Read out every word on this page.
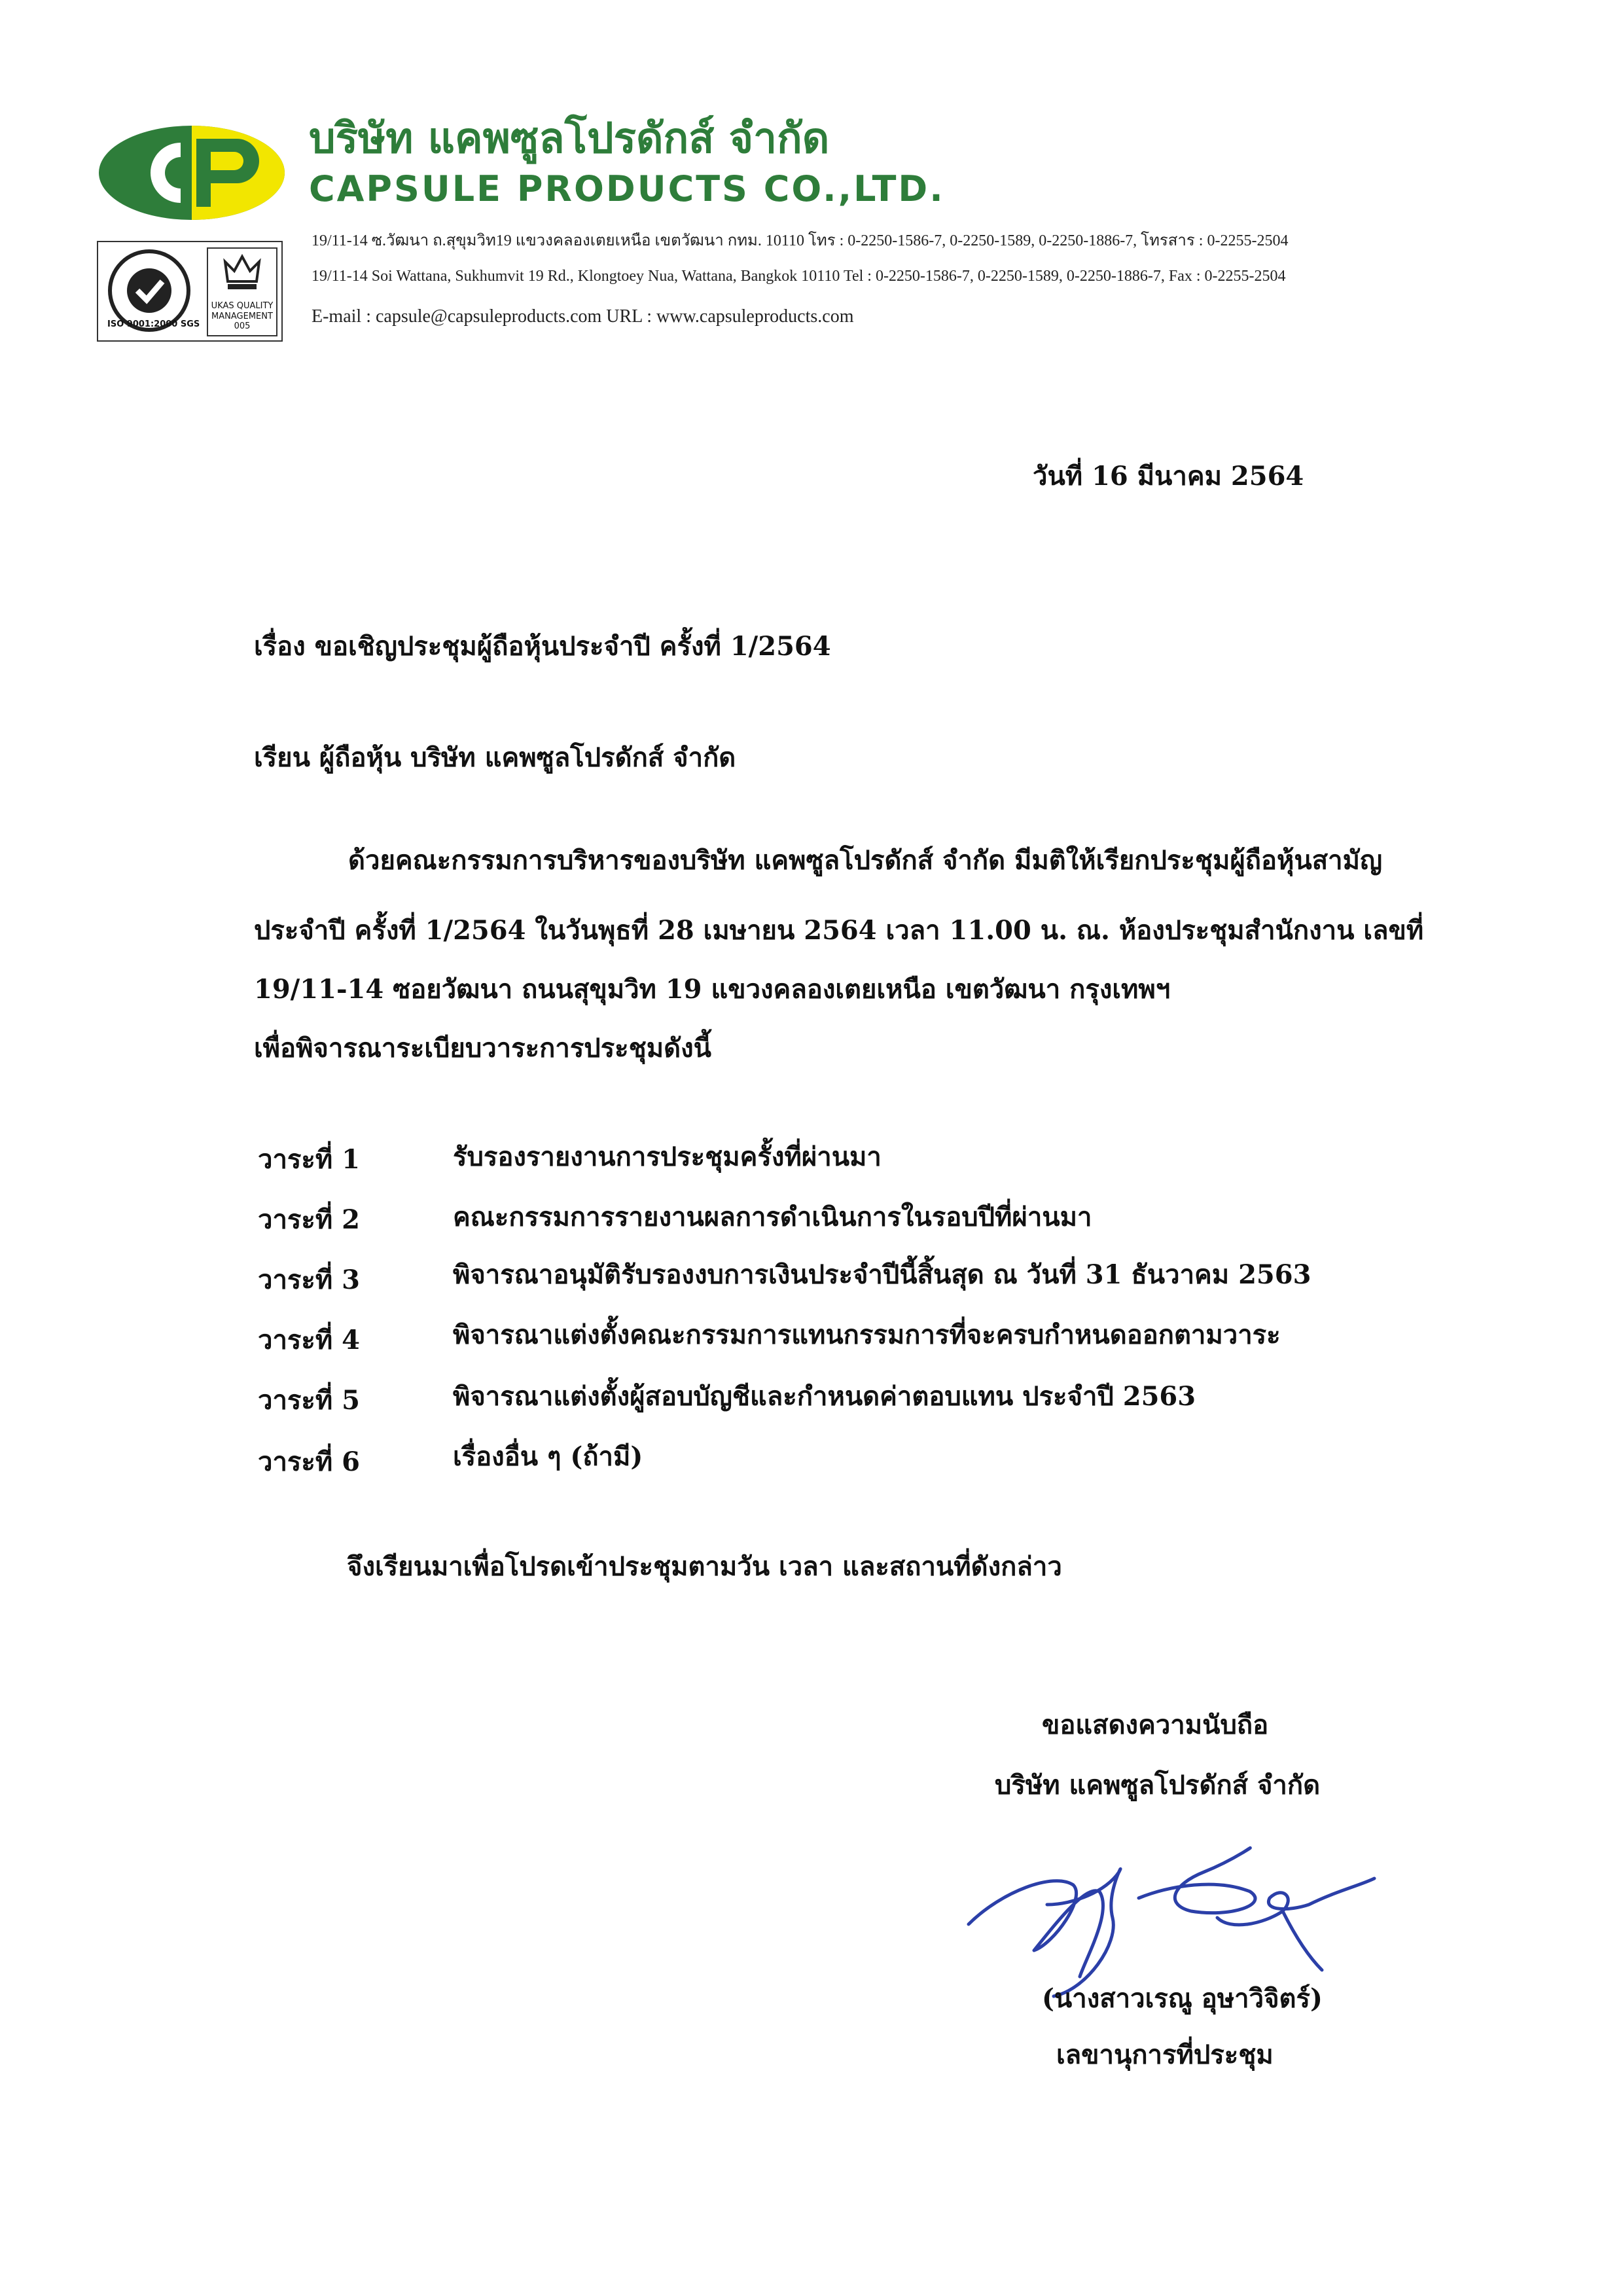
บริษัท แคพซูลโปรดักส์ จำกัด
CAPSULE PRODUCTS CO.,LTD.
19/11-14 ซ.วัฒนา ถ.สุขุมวิท19 แขวงคลองเตยเหนือ เขตวัฒนา กทม. 10110 โทร : 0-2250-1586-7, 0-2250-1589, 0-2250-1886-7, โทรสาร : 0-2255-2504
19/11-14 Soi Wattana, Sukhumvit 19 Rd., Klongtoey Nua, Wattana, Bangkok 10110 Tel : 0-2250-1586-7, 0-2250-1589, 0-2250-1886-7, Fax : 0-2255-2504
E-mail : capsule@capsuleproducts.com URL : www.capsuleproducts.com
ISO 9001:2000 SGS
UKAS QUALITY MANAGEMENT 005
วันที่ 16 มีนาคม 2564
เรื่อง ขอเชิญประชุมผู้ถือหุ้นประจำปี ครั้งที่ 1/2564
เรียน ผู้ถือหุ้น บริษัท แคพซูลโปรดักส์ จำกัด
ด้วยคณะกรรมการบริหารของบริษัท แคพซูลโปรดักส์ จำกัด มีมติให้เรียกประชุมผู้ถือหุ้นสามัญ
ประจำปี ครั้งที่ 1/2564 ในวันพุธที่ 28 เมษายน 2564 เวลา 11.00 น. ณ. ห้องประชุมสำนักงาน เลขที่
19/11-14 ซอยวัฒนา ถนนสุขุมวิท 19 แขวงคลองเตยเหนือ เขตวัฒนา กรุงเทพฯ
เพื่อพิจารณาระเบียบวาระการประชุมดังนี้
วาระที่ 1	รับรองรายงานการประชุมครั้งที่ผ่านมา
วาระที่ 2	คณะกรรมการรายงานผลการดำเนินการในรอบปีที่ผ่านมา
วาระที่ 3	พิจารณาอนุมัติรับรองงบการเงินประจำปีนี้สิ้นสุด ณ วันที่ 31 ธันวาคม 2563
วาระที่ 4	พิจารณาแต่งตั้งคณะกรรมการแทนกรรมการที่จะครบกำหนดออกตามวาระ
วาระที่ 5	พิจารณาแต่งตั้งผู้สอบบัญชีและกำหนดค่าตอบแทน ประจำปี 2563
วาระที่ 6	เรื่องอื่น ๆ (ถ้ามี)
จึงเรียนมาเพื่อโปรดเข้าประชุมตามวัน เวลา และสถานที่ดังกล่าว
ขอแสดงความนับถือ
บริษัท แคพซูลโปรดักส์ จำกัด
(นางสาวเรณู อุษาวิจิตร์)
เลขานุการที่ประชุม
